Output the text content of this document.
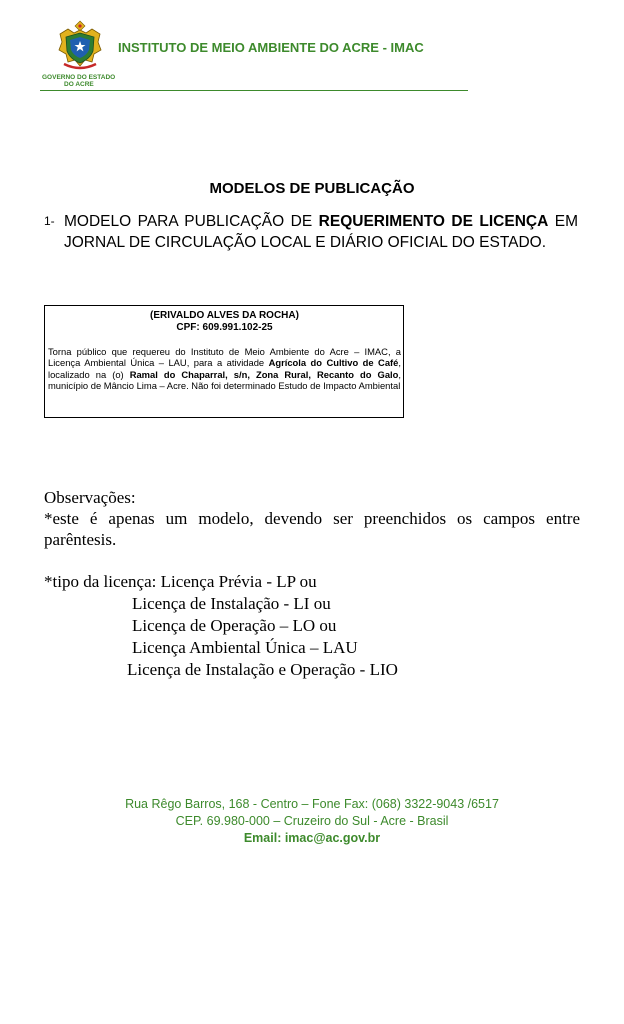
GOVERNO DO ESTADO
DO ACRE
INSTITUTO DE MEIO AMBIENTE DO ACRE - IMAC
MODELOS DE PUBLICAÇÃO
1- MODELO PARA PUBLICAÇÃO DE REQUERIMENTO DE LICENÇA EM JORNAL DE CIRCULAÇÃO LOCAL E DIÁRIO OFICIAL DO ESTADO.
(ERIVALDO ALVES DA ROCHA)
CPF: 609.991.102-25
Torna público que requereu do Instituto de Meio Ambiente do Acre – IMAC, a Licença Ambiental Única – LAU, para a atividade Agrícola do Cultivo de Café, localizado na (o) Ramal do Chaparral, s/n, Zona Rural, Recanto do Galo, município de Mâncio Lima – Acre. Não foi determinado Estudo de Impacto Ambiental
Observações:
*este é apenas um modelo, devendo ser preenchidos os campos entre parêntesis.
*tipo da licença: Licença Prévia - LP ou
Licença de Instalação - LI ou
Licença de Operação – LO ou
Licença Ambiental Única – LAU
Licença de Instalação e Operação - LIO
Rua Rêgo Barros, 168 - Centro – Fone Fax: (068) 3322-9043 /6517
CEP. 69.980-000 – Cruzeiro do Sul - Acre - Brasil
Email: imac@ac.gov.br
